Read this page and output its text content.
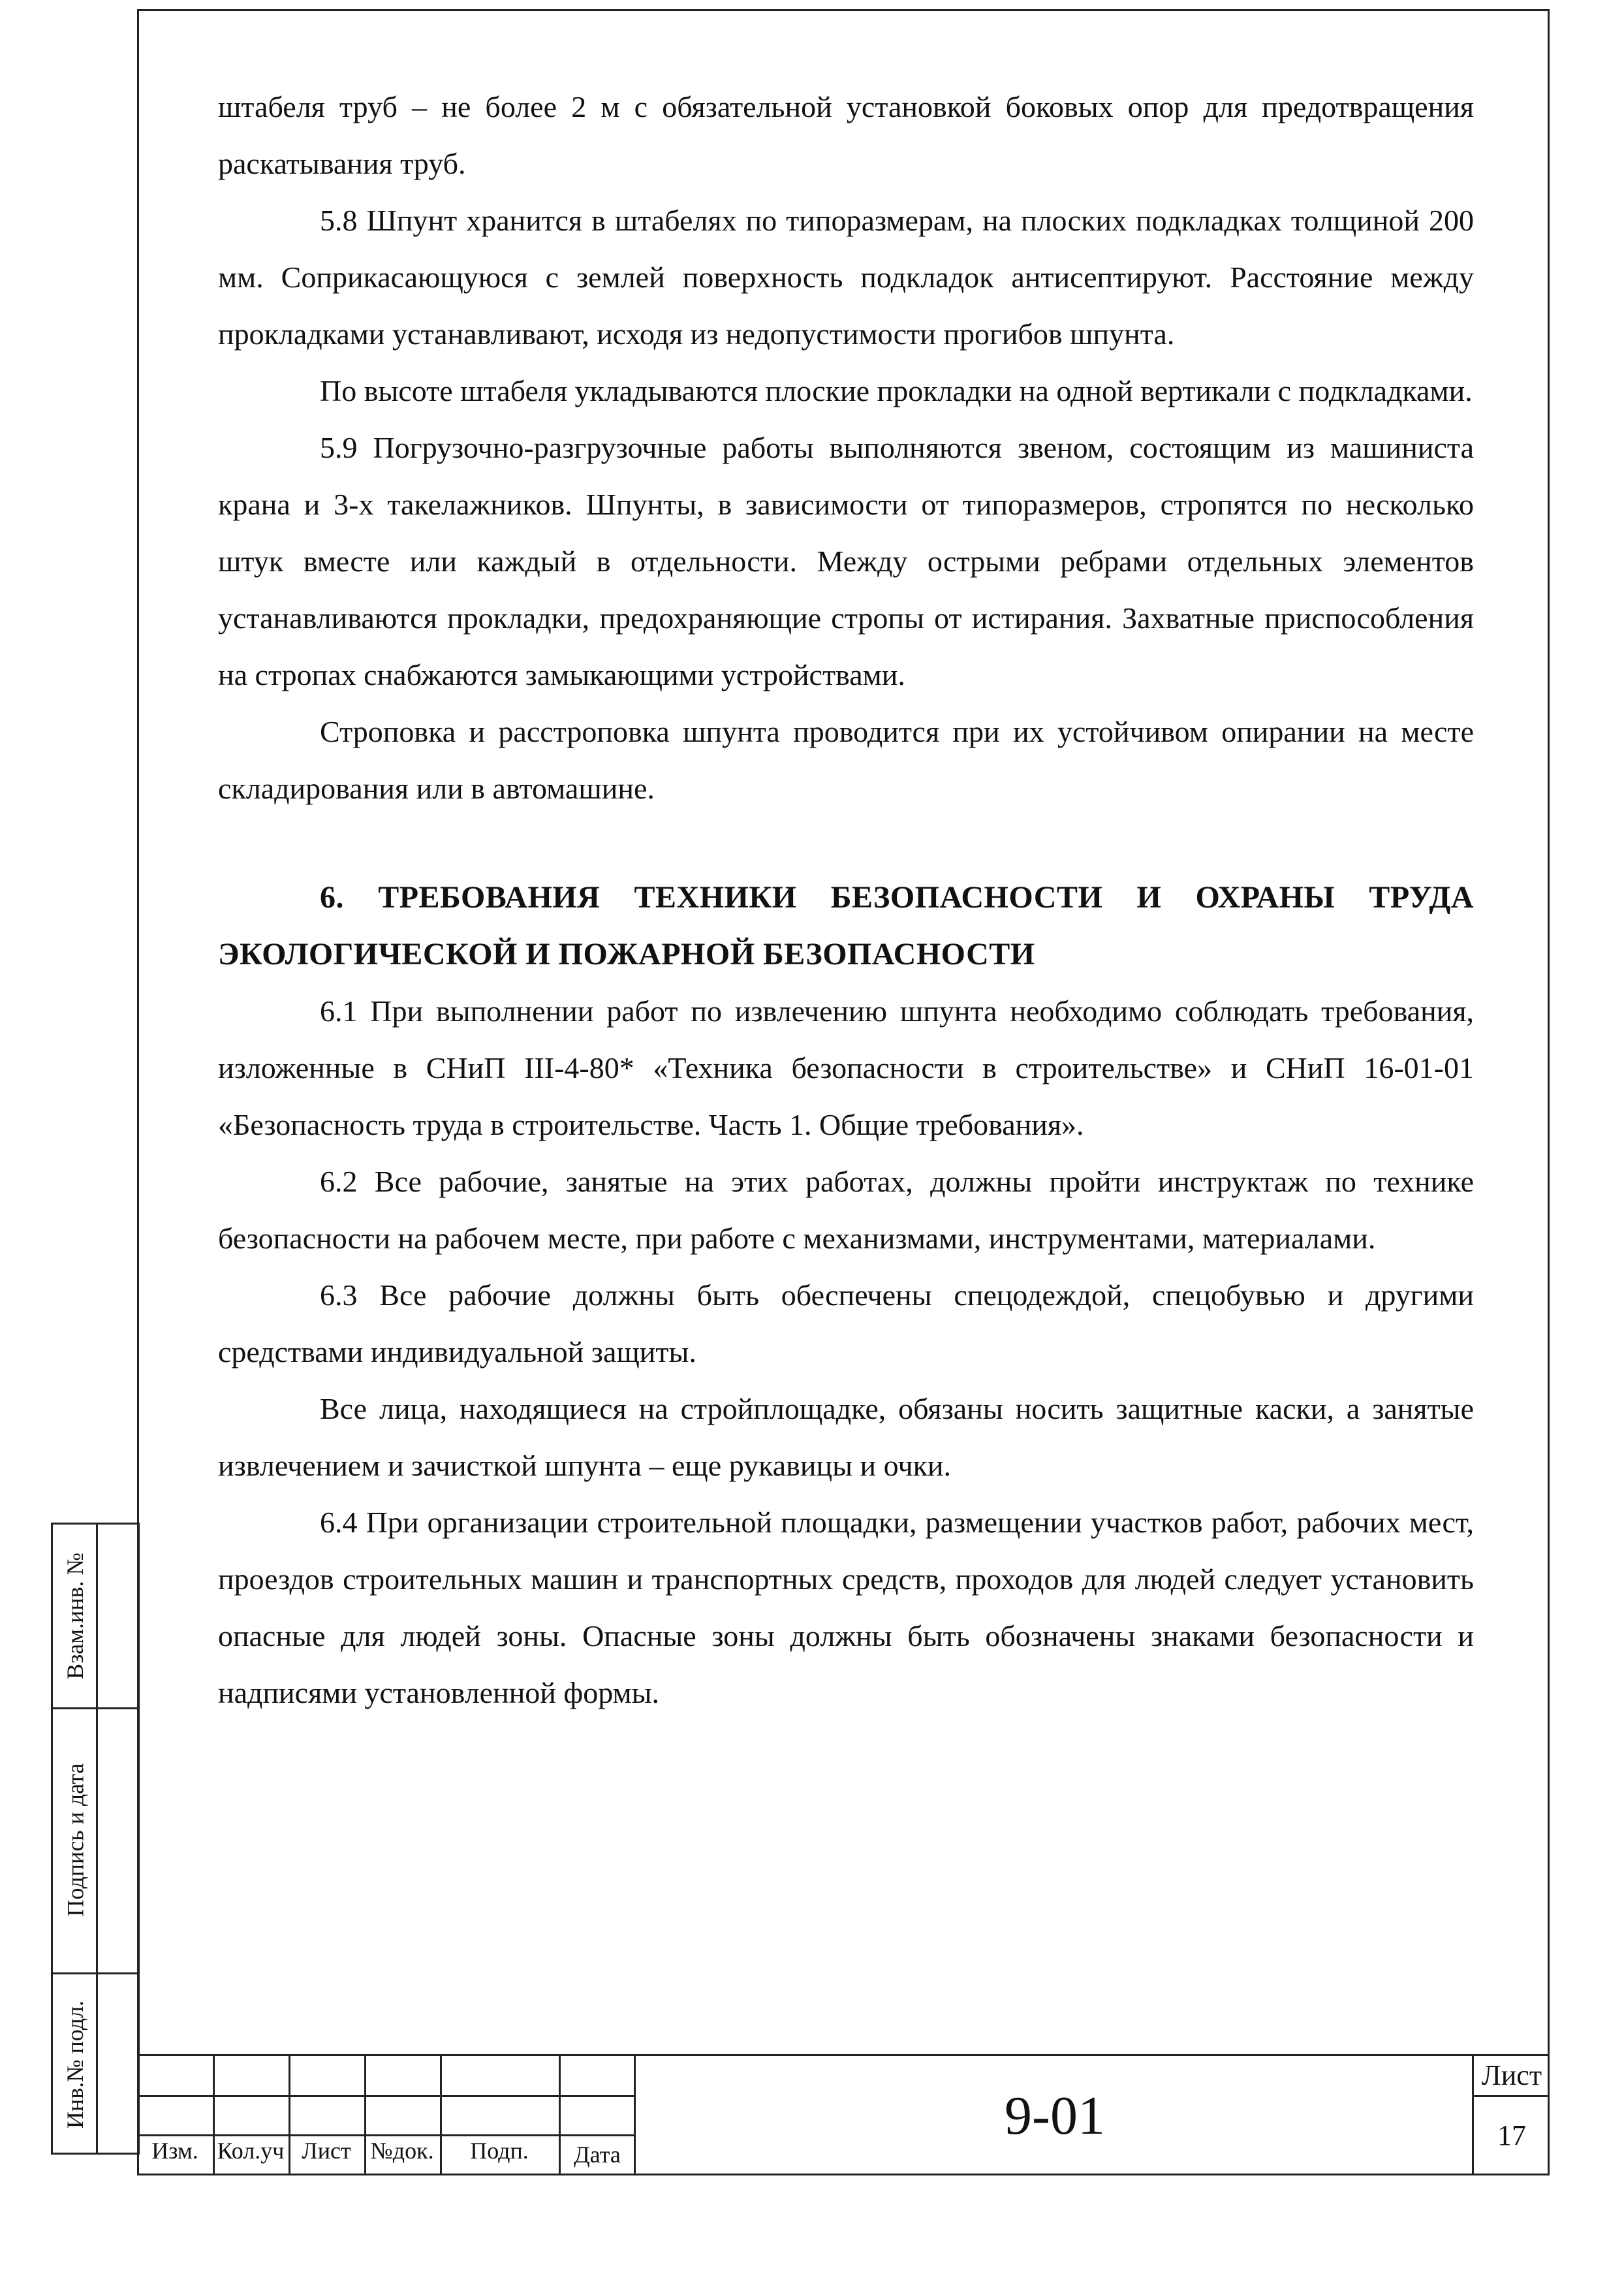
Взам.инв. №
Подпись и дата
Инв.№ подл.

штабеля труб – не более 2 м с обязательной установкой боковых опор для предотвращения раскатывания труб.

5.8 Шпунт хранится в штабелях по типоразмерам, на плоских подкладках толщиной 200 мм. Соприкасающуюся с землей поверхность подкладок антисептируют. Расстояние между прокладками устанавливают, исходя из недопустимости прогибов шпунта.

По высоте штабеля укладываются плоские прокладки на одной вертикали с подкладками.

5.9 Погрузочно-разгрузочные работы выполняются звеном, состоящим из машиниста крана и 3-х такелажников. Шпунты, в зависимости от типоразмеров, стропятся по несколько штук вместе или каждый в отдельности. Между острыми ребрами отдельных элементов устанавливаются прокладки, предохраняющие стропы от истирания. Захватные приспособления на стропах снабжаются замыкающими устройствами.

Строповка и расстроповка шпунта проводится при их устойчивом опирании на месте складирования или в автомашине.

6. ТРЕБОВАНИЯ ТЕХНИКИ БЕЗОПАСНОСТИ И ОХРАНЫ ТРУДА ЭКОЛОГИЧЕСКОЙ И ПОЖАРНОЙ БЕЗОПАСНОСТИ

6.1 При выполнении работ по извлечению шпунта необходимо соблюдать требования, изложенные в СНиП III-4-80* «Техника безопасности в строительстве» и СНиП 16-01-01 «Безопасность труда в строительстве. Часть 1. Общие требования».

6.2 Все рабочие, занятые на этих работах, должны пройти инструктаж по технике безопасности на рабочем месте, при работе с механизмами, инструментами, материалами.

6.3 Все рабочие должны быть обеспечены спецодеждой, спецобувью и другими средствами индивидуальной защиты.

Все лица, находящиеся на стройплощадке, обязаны носить защитные каски, а занятые извлечением и зачисткой шпунта – еще рукавицы и очки.

6.4 При организации строительной площадки, размещении участков работ, рабочих мест, проездов строительных машин и транспортных средств, проходов для людей следует установить опасные для людей зоны. Опасные зоны должны быть обозначены знаками безопасности и надписями установленной формы.

Изм. Кол.уч Лист №док.	Подп.	Дата
9-01
Лист
17
